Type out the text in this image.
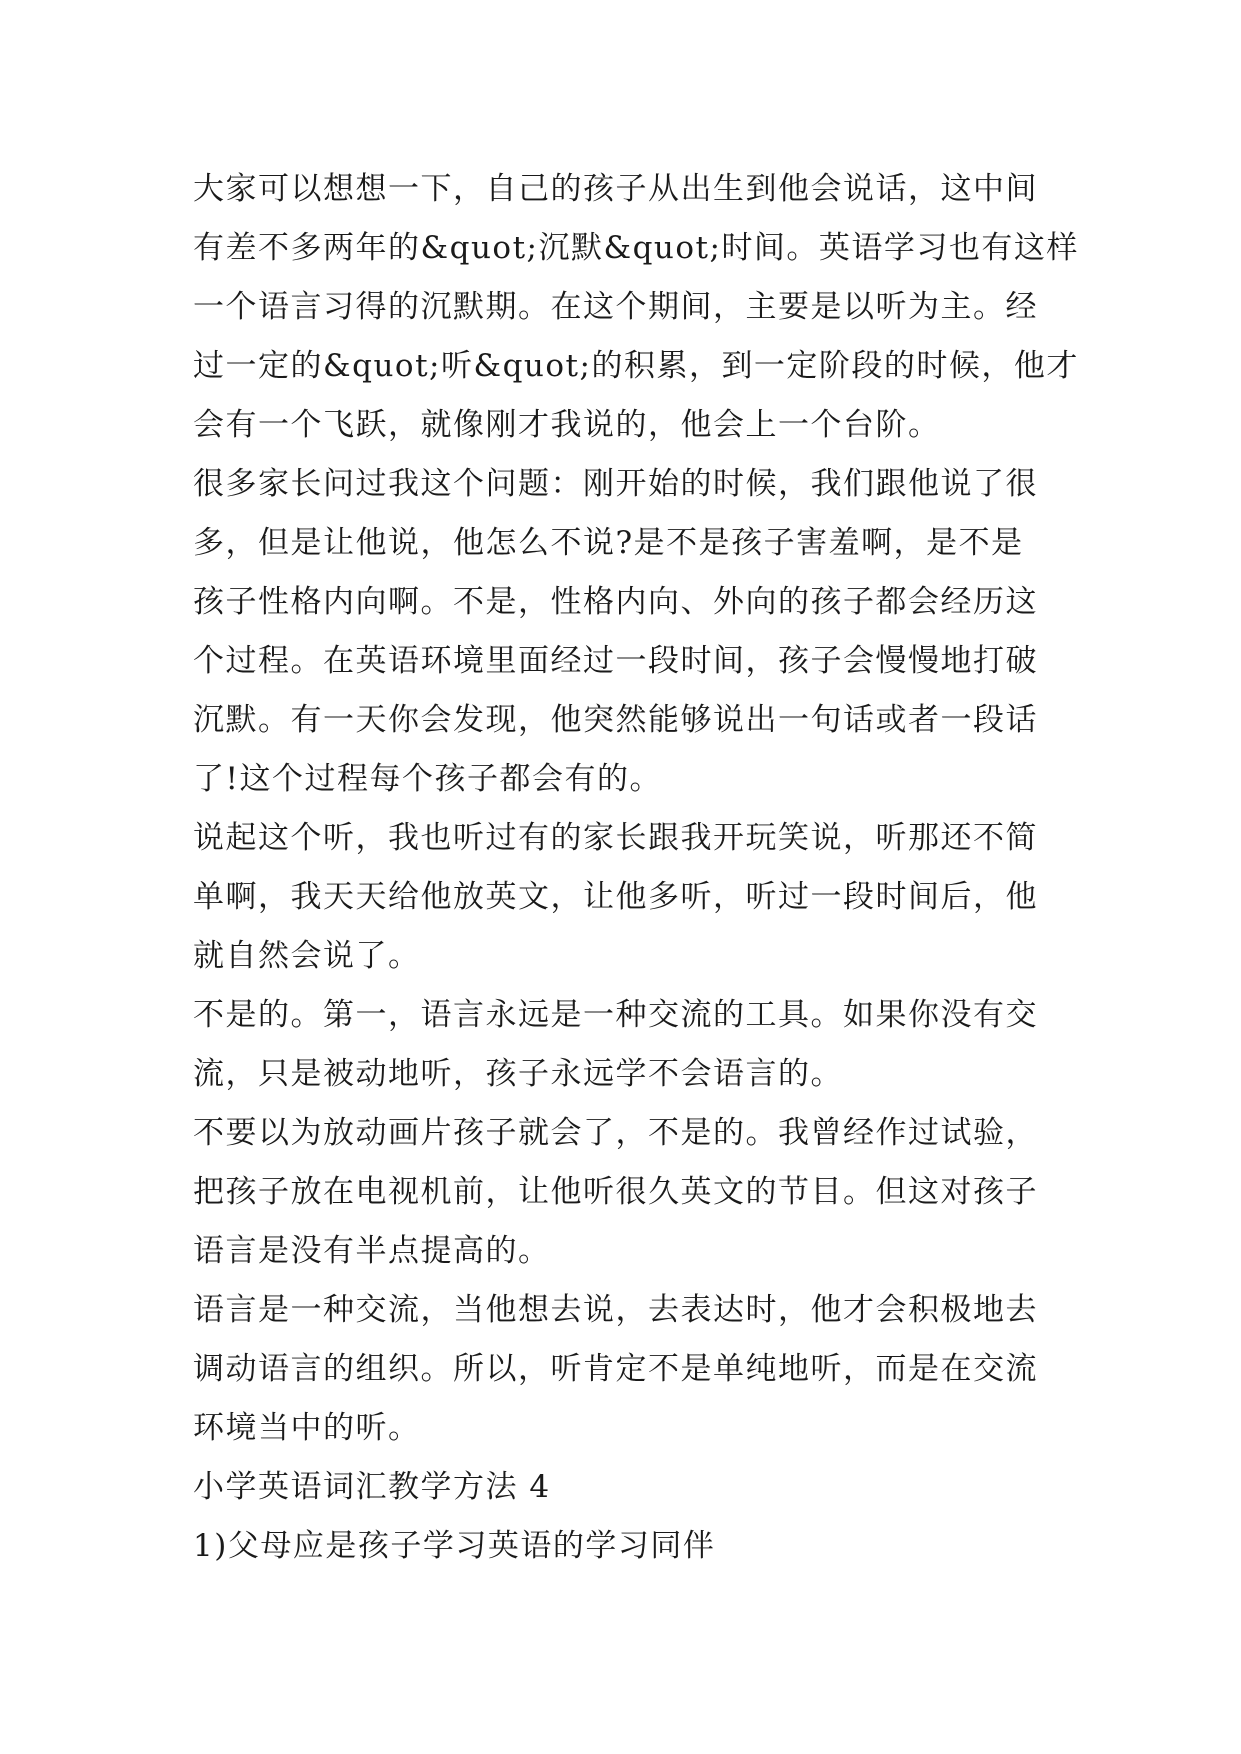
大家可以想想一下，自己的孩子从出生到他会说话，这中间
有差不多两年的&quot;沉默&quot;时间。英语学习也有这样
一个语言习得的沉默期。在这个期间，主要是以听为主。经
过一定的&quot;听&quot;的积累，到一定阶段的时候，他才
会有一个飞跃，就像刚才我说的，他会上一个台阶。
很多家长问过我这个问题：刚开始的时候，我们跟他说了很
多，但是让他说，他怎么不说?是不是孩子害羞啊，是不是
孩子性格内向啊。不是，性格内向、外向的孩子都会经历这
个过程。在英语环境里面经过一段时间，孩子会慢慢地打破
沉默。有一天你会发现，他突然能够说出一句话或者一段话
了!这个过程每个孩子都会有的。
说起这个听，我也听过有的家长跟我开玩笑说，听那还不简
单啊，我天天给他放英文，让他多听，听过一段时间后，他
就自然会说了。
不是的。第一，语言永远是一种交流的工具。如果你没有交
流，只是被动地听，孩子永远学不会语言的。
不要以为放动画片孩子就会了，不是的。我曾经作过试验，
把孩子放在电视机前，让他听很久英文的节目。但这对孩子
语言是没有半点提高的。
语言是一种交流，当他想去说，去表达时，他才会积极地去
调动语言的组织。所以，听肯定不是单纯地听，而是在交流
环境当中的听。
小学英语词汇教学方法 4
1)父母应是孩子学习英语的学习同伴
